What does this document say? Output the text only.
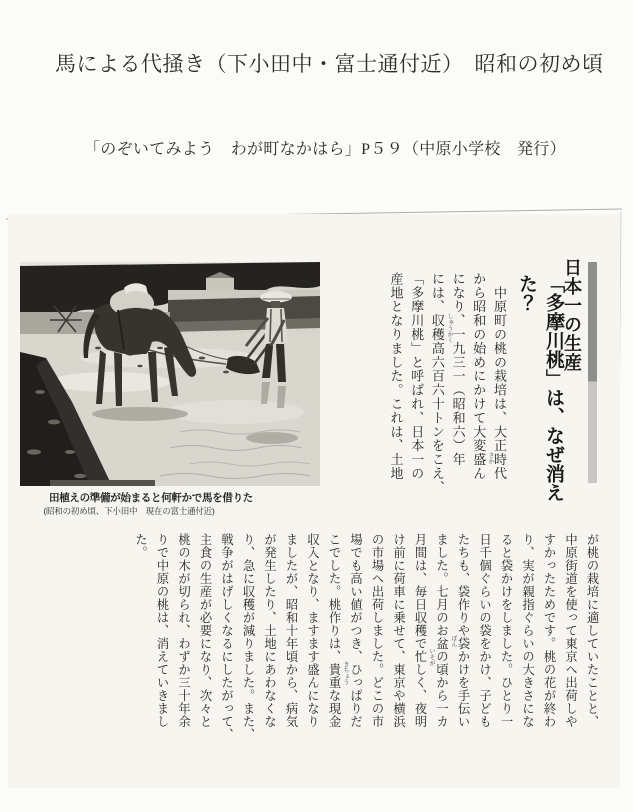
馬による代掻き（下小田中・富士通付近）　昭和の初め頃
「のぞいてみよう　わが町なかはら」P５９（中原小学校　発行）
田植えの準備が始まると何軒かで馬を借りた
(昭和の初め頃、下小田中　現在の富士通付近)
日本一の生産
「多摩川桃」は、なぜ消えた？

　中原町の桃の栽培は、大正時代

から昭和の始めにかけて大変盛ん

になり、一九三一（昭和六）年

には、収穫高六百六十トンをこえ、

「多摩川桃」と呼ばれ、日本一の

産地となりました。これは、土地

が桃の栽培に適していたことと、

中原街道を使って東京へ出荷しや

すかったためです。桃の花が終わ

り、実が親指ぐらいの大きさにな

ると袋かけをしました。ひとり一

日千個ぐらいの袋をかけ、子ども

たちも、袋作りや袋かけを手伝い

ました。七月のお盆の頃から一カ

月間は、毎日収穫で忙しく、夜明

け前に荷車に乗せて、東京や横浜

の市場へ出荷しました。どこの市

場でも高い値がつき、ひっぱりだ

こでした。桃作りは、貴重な現金

収入となり、ますます盛んになり

ましたが、昭和十年頃から、病気

が発生したり、土地にあわなくな

り、急に収穫が減りました。また、

戦争がはげしくなるにしたがって、

主食の生産が必要になり、次々と

桃の木が切られ、わずか三十年余

りで中原の桃は、消えていきまし

た。

さか
しゅうかく
ぼん
いそが
きちょう
